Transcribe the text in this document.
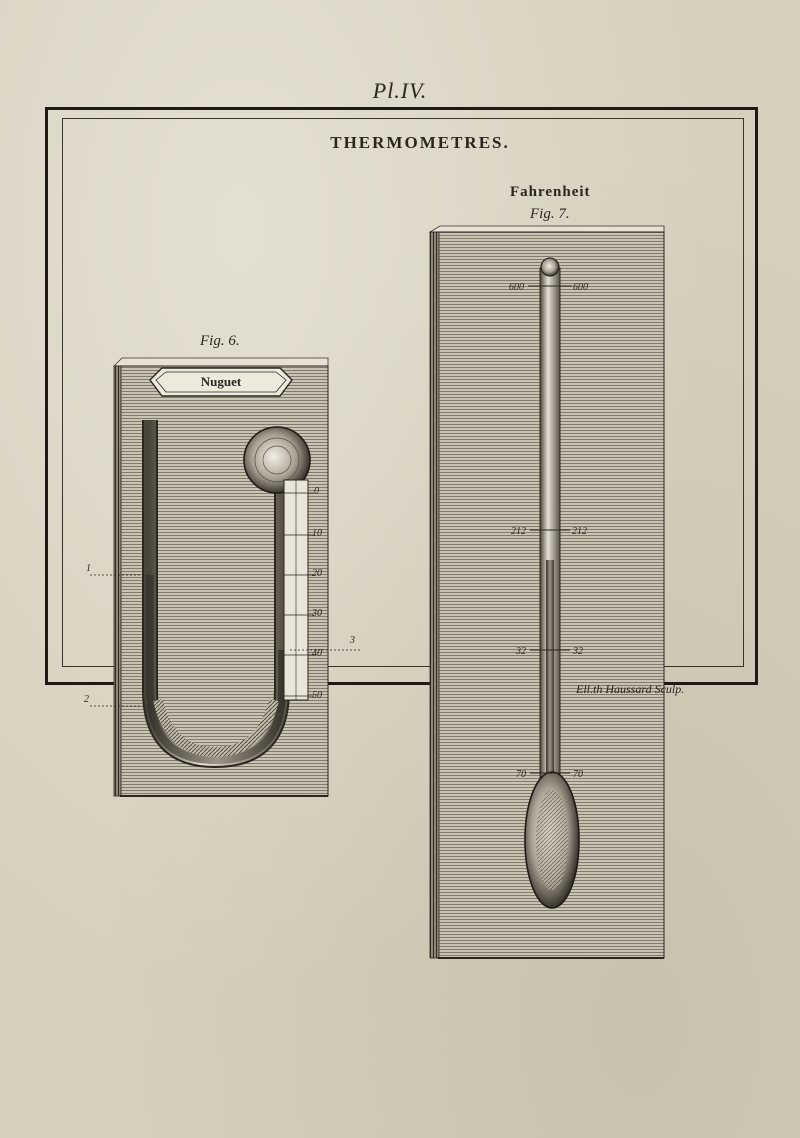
Pl.IV.
THERMOMETRES.
Fahrenheit
Fig. 7.
Fig. 6.
Nuguet
0
10
20
30
40
50
1
2
3
600	600
212	212
32	32
70	70
Ell.th Haussard Sculp.
